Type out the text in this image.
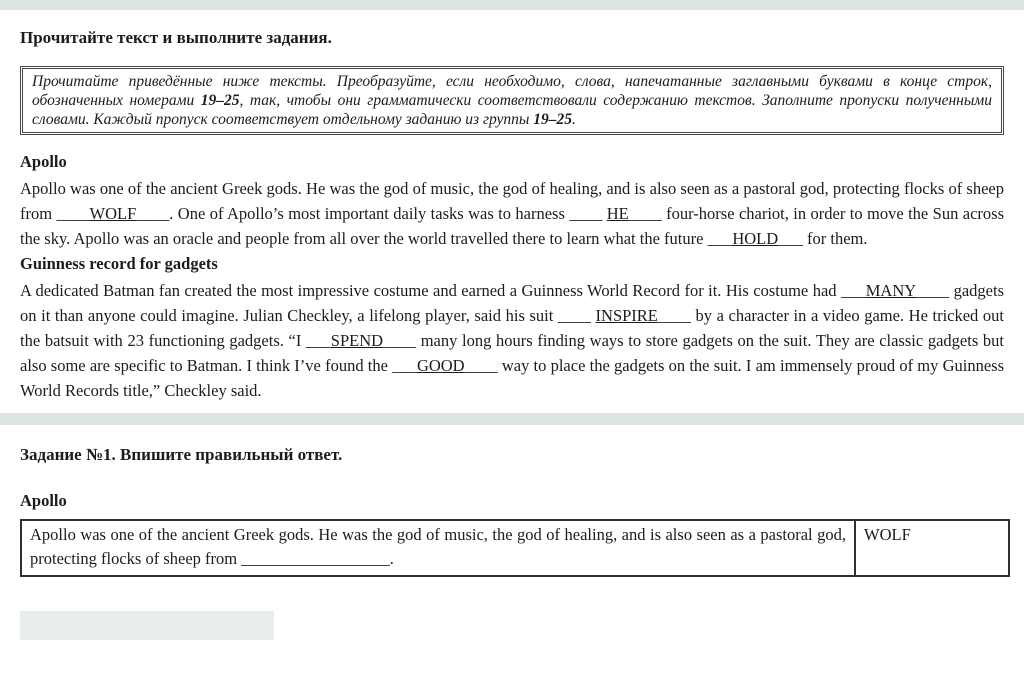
Прочитайте текст и выполните задания.

Прочитайте приведённые ниже тексты. Преобразуйте, если необходимо, слова, напечатанные заглавными буквами в конце строк, обозначенных номерами 19–25, так, чтобы они грамматически соответствовали содержанию текстов. Заполните пропуски полученными словами. Каждый пропуск соответствует отдельному заданию из группы 19–25.

Apollo

Apollo was one of the ancient Greek gods. He was the god of music, the god of healing, and is also seen as a pastoral god, protecting flocks of sheep from ____WOLF____. One of Apollo’s most important daily tasks was to harness ____ HE____ four-horse chariot, in order to move the Sun across the sky. Apollo was an oracle and people from all over the world travelled there to learn what the future ___HOLD___ for them.

Guinness record for gadgets

A dedicated Batman fan created the most impressive costume and earned a Guinness World Record for it. His costume had ___MANY____ gadgets on it than anyone could imagine. Julian Checkley, a lifelong player, said his suit ____ INSPIRE____ by a character in a video game. He tricked out the batsuit with 23 functioning gadgets. “I ___SPEND____ many long hours finding ways to store gadgets on the suit. They are classic gadgets but also some are specific to Batman. I think I’ve found the ___GOOD____ way to place the gadgets on the suit. I am immensely proud of my Guinness World Records title,” Checkley said.

Задание №1. Впишите правильный ответ.
Apollo
Apollo was one of the ancient Greek gods. He was the god of music, the god of healing, and is also seen as a pastoral god, protecting flocks of sheep from __________________.	WOLF
